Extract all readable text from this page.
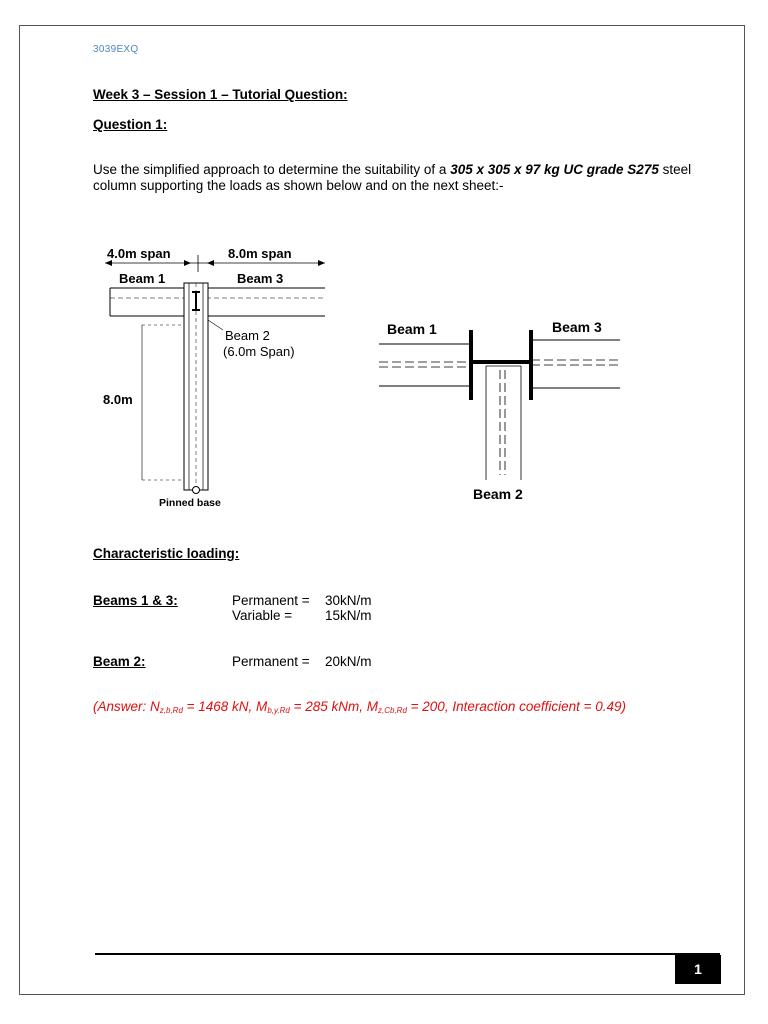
3039EXQ
Week 3 – Session 1 – Tutorial Question:
Question 1:
Use the simplified approach to determine the suitability of a 305 x 305 x 97 kg UC grade S275 steel column supporting the loads as shown below and on the next sheet:-
4.0m span	8.0m span
Beam 1	Beam 3
8.0m
Beam 2
(6.0m Span)
Pinned base
Beam 1	Beam 3
Beam 2
Characteristic loading:
Beams 1 & 3:	Permanent = 30kN/m
Variable = 15kN/m
Beam 2:	Permanent = 20kN/m
(Answer: $N_{z,b,Rd} = 1468$ kN, $M_{b,y,Rd} = 285$ kNm, $M_{z,Cb,Rd} = 200$, Interaction coefficient = 0.49)
1
